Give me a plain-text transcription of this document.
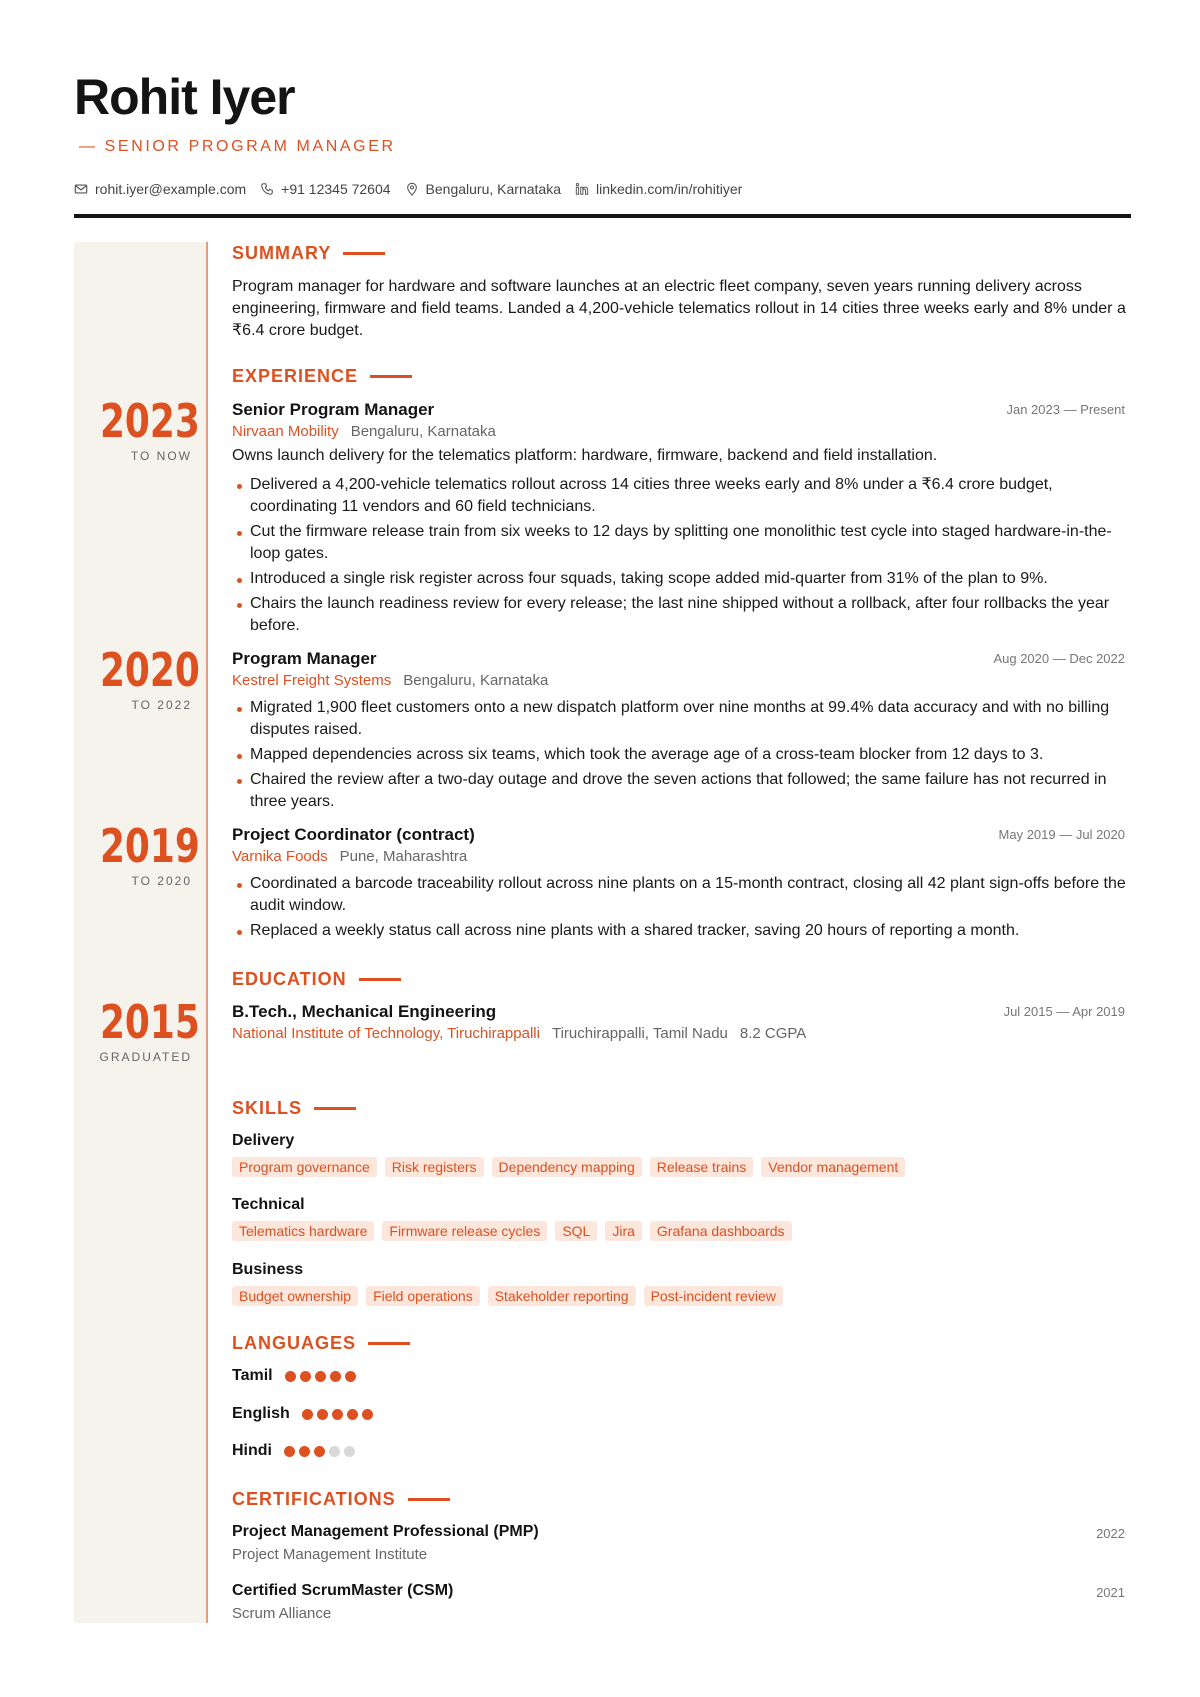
Rohit Iyer
— SENIOR PROGRAM MANAGER
rohit.iyer@example.com	+91 12345 72604	Bengaluru, Karnataka	linkedin.com/in/rohitiyer
SUMMARY
Program manager for hardware and software launches at an electric fleet company, seven years running delivery across engineering, firmware and field teams. Landed a 4,200-vehicle telematics rollout in 14 cities three weeks early and 8% under a ₹6.4 crore budget.
EXPERIENCE
2023
TO NOW
Senior Program Manager	Jan 2023 — Present
Nirvaan Mobility Bengaluru, Karnataka
Owns launch delivery for the telematics platform: hardware, firmware, backend and field installation.
Delivered a 4,200-vehicle telematics rollout across 14 cities three weeks early and 8% under a ₹6.4 crore budget, coordinating 11 vendors and 60 field technicians.
Cut the firmware release train from six weeks to 12 days by splitting one monolithic test cycle into staged hardware-in-the-loop gates.
Introduced a single risk register across four squads, taking scope added mid-quarter from 31% of the plan to 9%.
Chairs the launch readiness review for every release; the last nine shipped without a rollback, after four rollbacks the year before.
2020
TO 2022
Program Manager	Aug 2020 — Dec 2022
Kestrel Freight Systems Bengaluru, Karnataka
Migrated 1,900 fleet customers onto a new dispatch platform over nine months at 99.4% data accuracy and with no billing disputes raised.
Mapped dependencies across six teams, which took the average age of a cross-team blocker from 12 days to 3.
Chaired the review after a two-day outage and drove the seven actions that followed; the same failure has not recurred in three years.
2019
TO 2020
Project Coordinator (contract)	May 2019 — Jul 2020
Varnika Foods Pune, Maharashtra
Coordinated a barcode traceability rollout across nine plants on a 15-month contract, closing all 42 plant sign-offs before the audit window.
Replaced a weekly status call across nine plants with a shared tracker, saving 20 hours of reporting a month.
EDUCATION
2015
GRADUATED
B.Tech., Mechanical Engineering	Jul 2015 — Apr 2019
National Institute of Technology, Tiruchirappalli Tiruchirappalli, Tamil Nadu 8.2 CGPA
SKILLS
Delivery
Program governance	Risk registers	Dependency mapping	Release trains	Vendor management
Technical
Telematics hardware	Firmware release cycles	SQL	Jira	Grafana dashboards
Business
Budget ownership	Field operations	Stakeholder reporting	Post-incident review
LANGUAGES
Tamil
English
Hindi
CERTIFICATIONS
Project Management Professional (PMP)	2022
Project Management Institute
Certified ScrumMaster (CSM)	2021
Scrum Alliance
